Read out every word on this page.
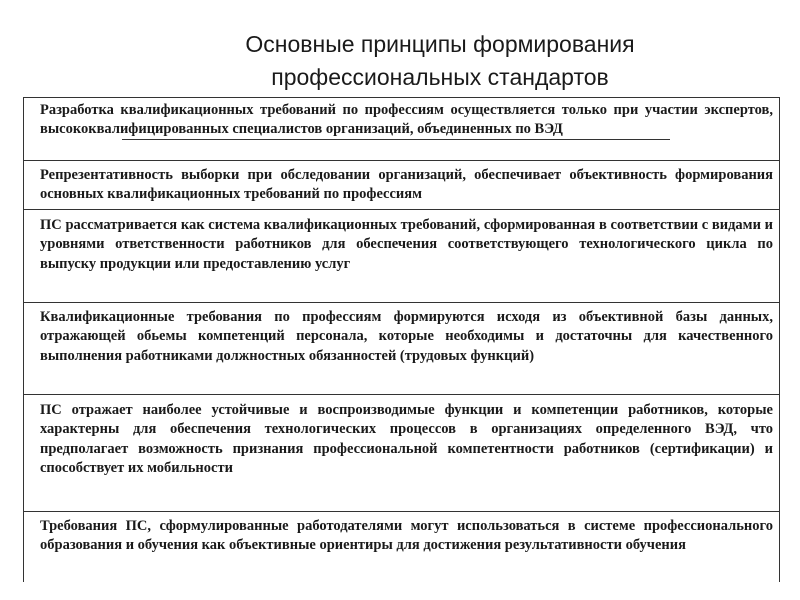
Основные принципы формирования
профессиональных стандартов
Разработка квалификационных требований по профессиям осуществляется только при участии экспертов, высококвалифицированных специалистов организаций, объединенных по ВЭД
Репрезентативность выборки при обследовании организаций, обеспечивает объективность формирования основных квалификационных требований по профессиям
ПС рассматривается как система квалификационных требований, сформированная в соответствии с видами и уровнями ответственности работников для обеспечения соответствующего технологического цикла по выпуску продукции или предоставлению услуг
Квалификационные требования по профессиям формируются исходя из объективной базы данных, отражающей обьемы компетенций персонала, которые необходимы и достаточны для качественного выполнения работниками должностных обязанностей (трудовых функций)
ПС отражает наиболее устойчивые и воспроизводимые функции и компетенции работников, которые характерны для обеспечения технологических процессов в организациях определенного ВЭД, что предполагает возможность признания профессиональной компетентности работников (сертификации) и способствует их мобильности
Требования ПС, сформулированные работодателями могут использоваться в системе профессионального образования и обучения как объективные ориентиры для достижения результативности обучения
